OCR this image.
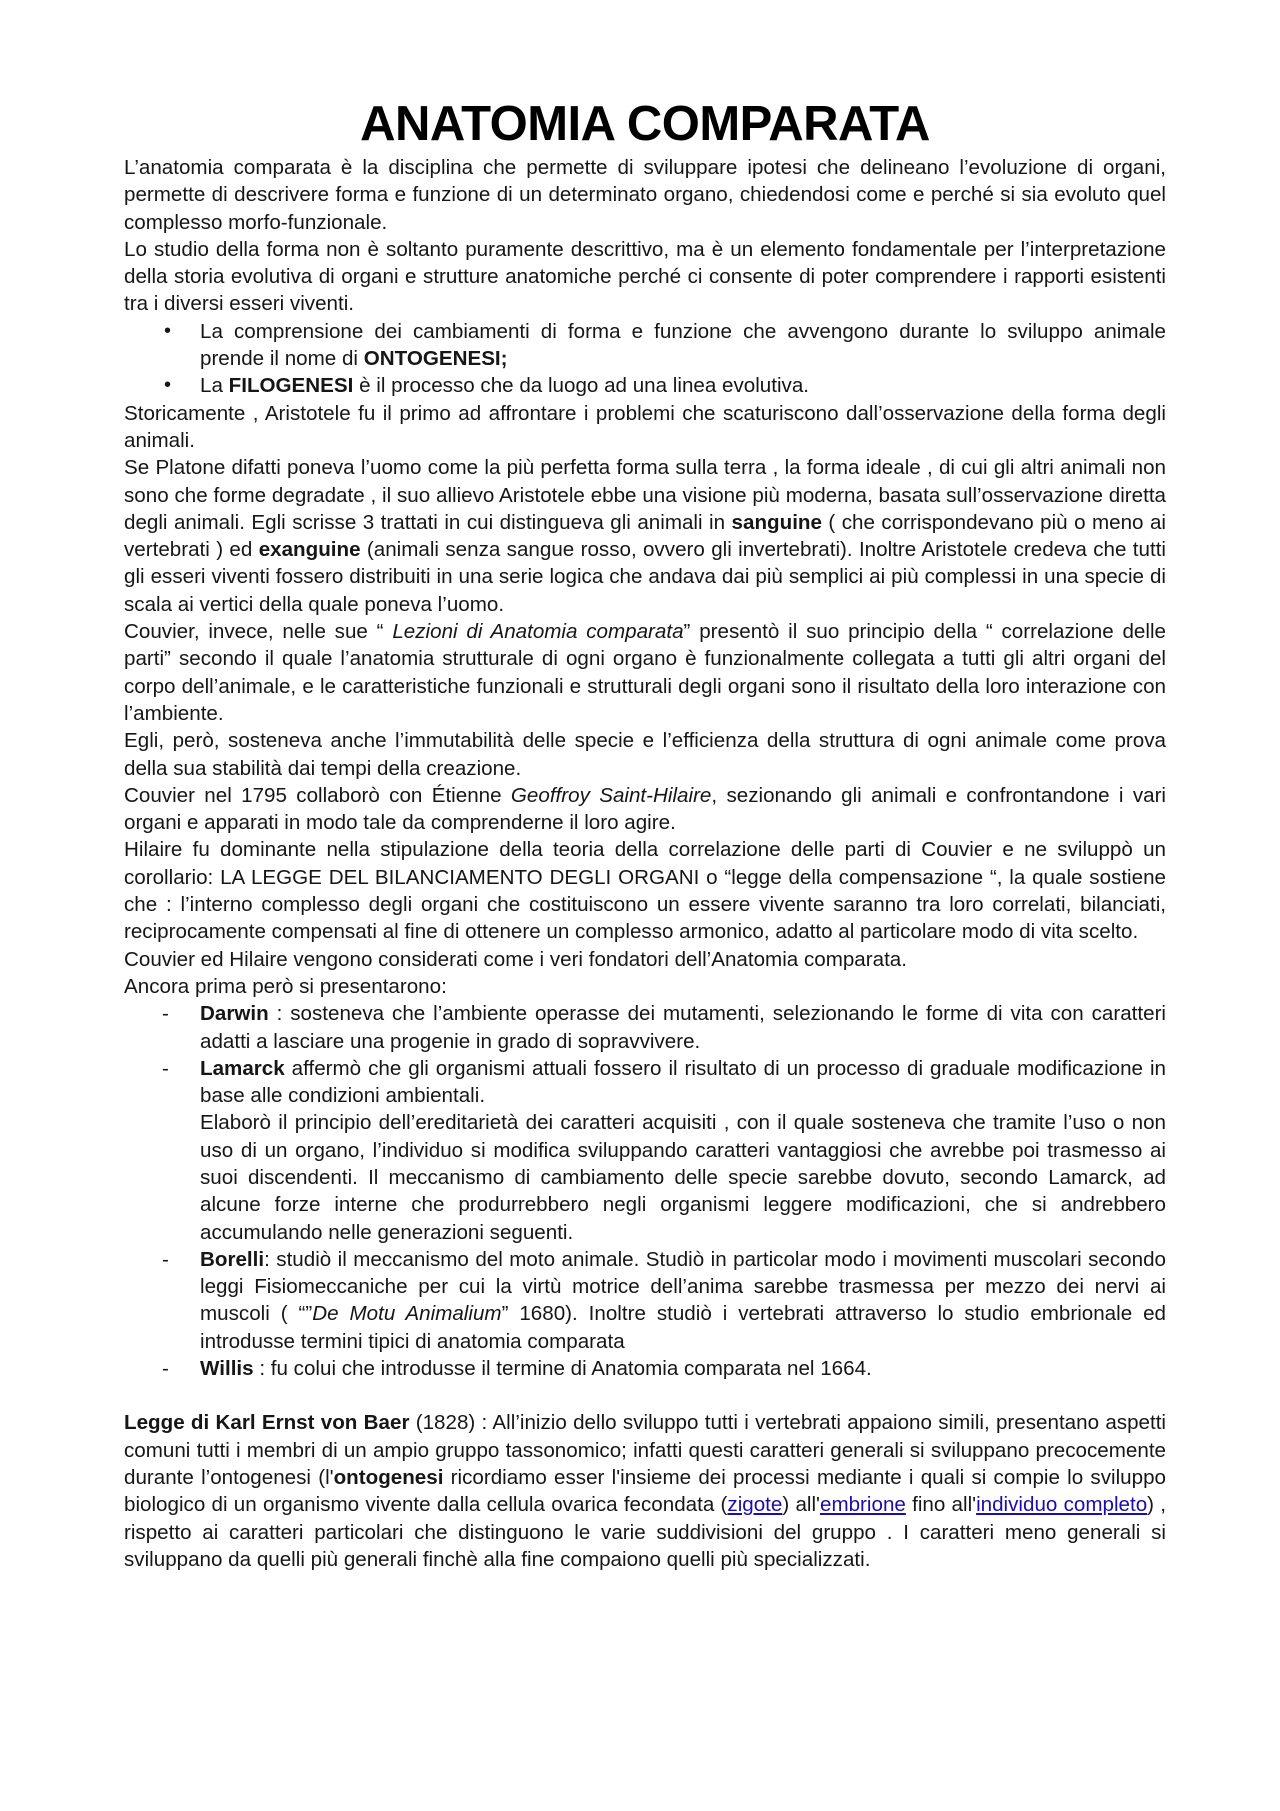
ANATOMIA COMPARATA

L’anatomia comparata è la disciplina che permette di sviluppare ipotesi che delineano l’evoluzione di organi, permette di descrivere forma e funzione di un determinato organo, chiedendosi come e perché si sia evoluto quel complesso morfo-funzionale.

Lo studio della forma non è soltanto puramente descrittivo, ma è un elemento fondamentale per l’interpretazione della storia evolutiva di organi e strutture anatomiche perché ci consente di poter comprendere i rapporti esistenti tra i diversi esseri viventi.

• La comprensione dei cambiamenti di forma e funzione che avvengono durante lo sviluppo animale prende il nome di ONTOGENESI;
• La FILOGENESI è il processo che da luogo ad una linea evolutiva.

Storicamente , Aristotele fu il primo ad affrontare i problemi che scaturiscono dall’osservazione della forma degli animali.

Se Platone difatti poneva l’uomo come la più perfetta forma sulla terra , la forma ideale , di cui gli altri animali non sono che forme degradate , il suo allievo Aristotele ebbe una visione più moderna, basata sull’osservazione diretta degli animali. Egli scrisse 3 trattati in cui distingueva gli animali in sanguine ( che corrispondevano più o meno ai vertebrati ) ed exanguine (animali senza sangue rosso, ovvero gli invertebrati). Inoltre Aristotele credeva che tutti gli esseri viventi fossero distribuiti in una serie logica che andava dai più semplici ai più complessi in una specie di scala ai vertici della quale poneva l’uomo.

Couvier, invece, nelle sue “ Lezioni di Anatomia comparata” presentò il suo principio della “ correlazione delle parti” secondo il quale l’anatomia strutturale di ogni organo è funzionalmente collegata a tutti gli altri organi del corpo dell’animale, e le caratteristiche funzionali e strutturali degli organi sono il risultato della loro interazione con l’ambiente.

Egli, però, sosteneva anche l’immutabilità delle specie e l’efficienza della struttura di ogni animale come prova della sua stabilità dai tempi della creazione.

Couvier nel 1795 collaborò con Étienne Geoffroy Saint-Hilaire, sezionando gli animali e confrontandone i vari organi e apparati in modo tale da comprenderne il loro agire.

Hilaire fu dominante nella stipulazione della teoria della correlazione delle parti di Couvier e ne sviluppò un corollario: LA LEGGE DEL BILANCIAMENTO DEGLI ORGANI o “legge della compensazione “, la quale sostiene che : l’interno complesso degli organi che costituiscono un essere vivente saranno tra loro correlati, bilanciati, reciprocamente compensati al fine di ottenere un complesso armonico, adatto al particolare modo di vita scelto.

Couvier ed Hilaire vengono considerati come i veri fondatori dell’Anatomia comparata.

Ancora prima però si presentarono:

- Darwin : sosteneva che l’ambiente operasse dei mutamenti, selezionando le forme di vita con caratteri adatti a lasciare una progenie in grado di sopravvivere.
- Lamarck affermò che gli organismi attuali fossero il risultato di un processo di graduale modificazione in base alle condizioni ambientali.
Elaborò il principio dell’ereditarietà dei caratteri acquisiti , con il quale sosteneva che tramite l’uso o non uso di un organo, l’individuo si modifica sviluppando caratteri vantaggiosi che avrebbe poi trasmesso ai suoi discendenti. Il meccanismo di cambiamento delle specie sarebbe dovuto, secondo Lamarck, ad alcune forze interne che produrrebbero negli organismi leggere modificazioni, che si andrebbero accumulando nelle generazioni seguenti.
- Borelli: studiò il meccanismo del moto animale. Studiò in particolar modo i movimenti muscolari secondo leggi Fisiomeccaniche per cui la virtù motrice dell’anima sarebbe trasmessa per mezzo dei nervi ai muscoli ( “”De Motu Animalium” 1680). Inoltre studiò i vertebrati attraverso lo studio embrionale ed introdusse termini tipici di anatomia comparata
- Willis : fu colui che introdusse il termine di Anatomia comparata nel 1664.

Legge di Karl Ernst von Baer (1828) : All’inizio dello sviluppo tutti i vertebrati appaiono simili, presentano aspetti comuni tutti i membri di un ampio gruppo tassonomico; infatti questi caratteri generali si sviluppano precocemente durante l’ontogenesi (l'ontogenesi ricordiamo esser l'insieme dei processi mediante i quali si compie lo sviluppo biologico di un organismo vivente dalla cellula ovarica fecondata (zigote) all'embrione fino all'individuo completo) , rispetto ai caratteri particolari che distinguono le varie suddivisioni del gruppo . I caratteri meno generali si sviluppano da quelli più generali finchè alla fine compaiono quelli più specializzati.
